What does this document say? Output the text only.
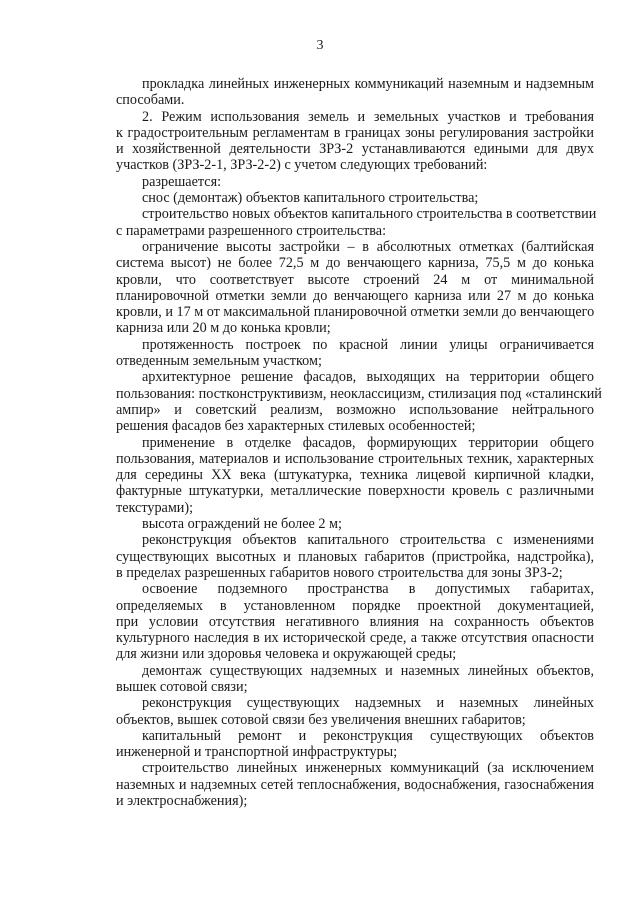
3
прокладка линейных инженерных коммуникаций наземным и надземным
способами.
2. Режим использования земель и земельных участков и требования
к градостроительным регламентам в границах зоны регулирования застройки
и хозяйственной деятельности ЗРЗ-2 устанавливаются едиными для двух
участков (ЗРЗ-2-1, ЗРЗ-2-2) с учетом следующих требований:
разрешается:
снос (демонтаж) объектов капитального строительства;
строительство новых объектов капитального строительства в соответствии
с параметрами разрешенного строительства:
ограничение высоты застройки – в абсолютных отметках (балтийская
система высот) не более 72,5 м до венчающего карниза, 75,5 м до конька
кровли, что соответствует высоте строений 24 м от минимальной
планировочной отметки земли до венчающего карниза или 27 м до конька
кровли, и 17 м от максимальной планировочной отметки земли до венчающего
карниза или 20 м до конька кровли;
протяженность построек по красной линии улицы ограничивается
отведенным земельным участком;
архитектурное решение фасадов, выходящих на территории общего
пользования: постконструктивизм, неоклассицизм, стилизация под «сталинский
ампир» и советский реализм, возможно использование нейтрального
решения фасадов без характерных стилевых особенностей;
применение в отделке фасадов, формирующих территории общего
пользования, материалов и использование строительных техник, характерных
для середины XX века (штукатурка, техника лицевой кирпичной кладки,
фактурные штукатурки, металлические поверхности кровель с различными
текстурами);
высота ограждений не более 2 м;
реконструкция объектов капитального строительства с изменениями
существующих высотных и плановых габаритов (пристройка, надстройка),
в пределах разрешенных габаритов нового строительства для зоны ЗРЗ-2;
освоение подземного пространства в допустимых габаритах,
определяемых в установленном порядке проектной документацией,
при условии отсутствия негативного влияния на сохранность объектов
культурного наследия в их исторической среде, а также отсутствия опасности
для жизни или здоровья человека и окружающей среды;
демонтаж существующих надземных и наземных линейных объектов,
вышек сотовой связи;
реконструкция существующих надземных и наземных линейных
объектов, вышек сотовой связи без увеличения внешних габаритов;
капитальный ремонт и реконструкция существующих объектов
инженерной и транспортной инфраструктуры;
строительство линейных инженерных коммуникаций (за исключением
наземных и надземных сетей теплоснабжения, водоснабжения, газоснабжения
и электроснабжения);
